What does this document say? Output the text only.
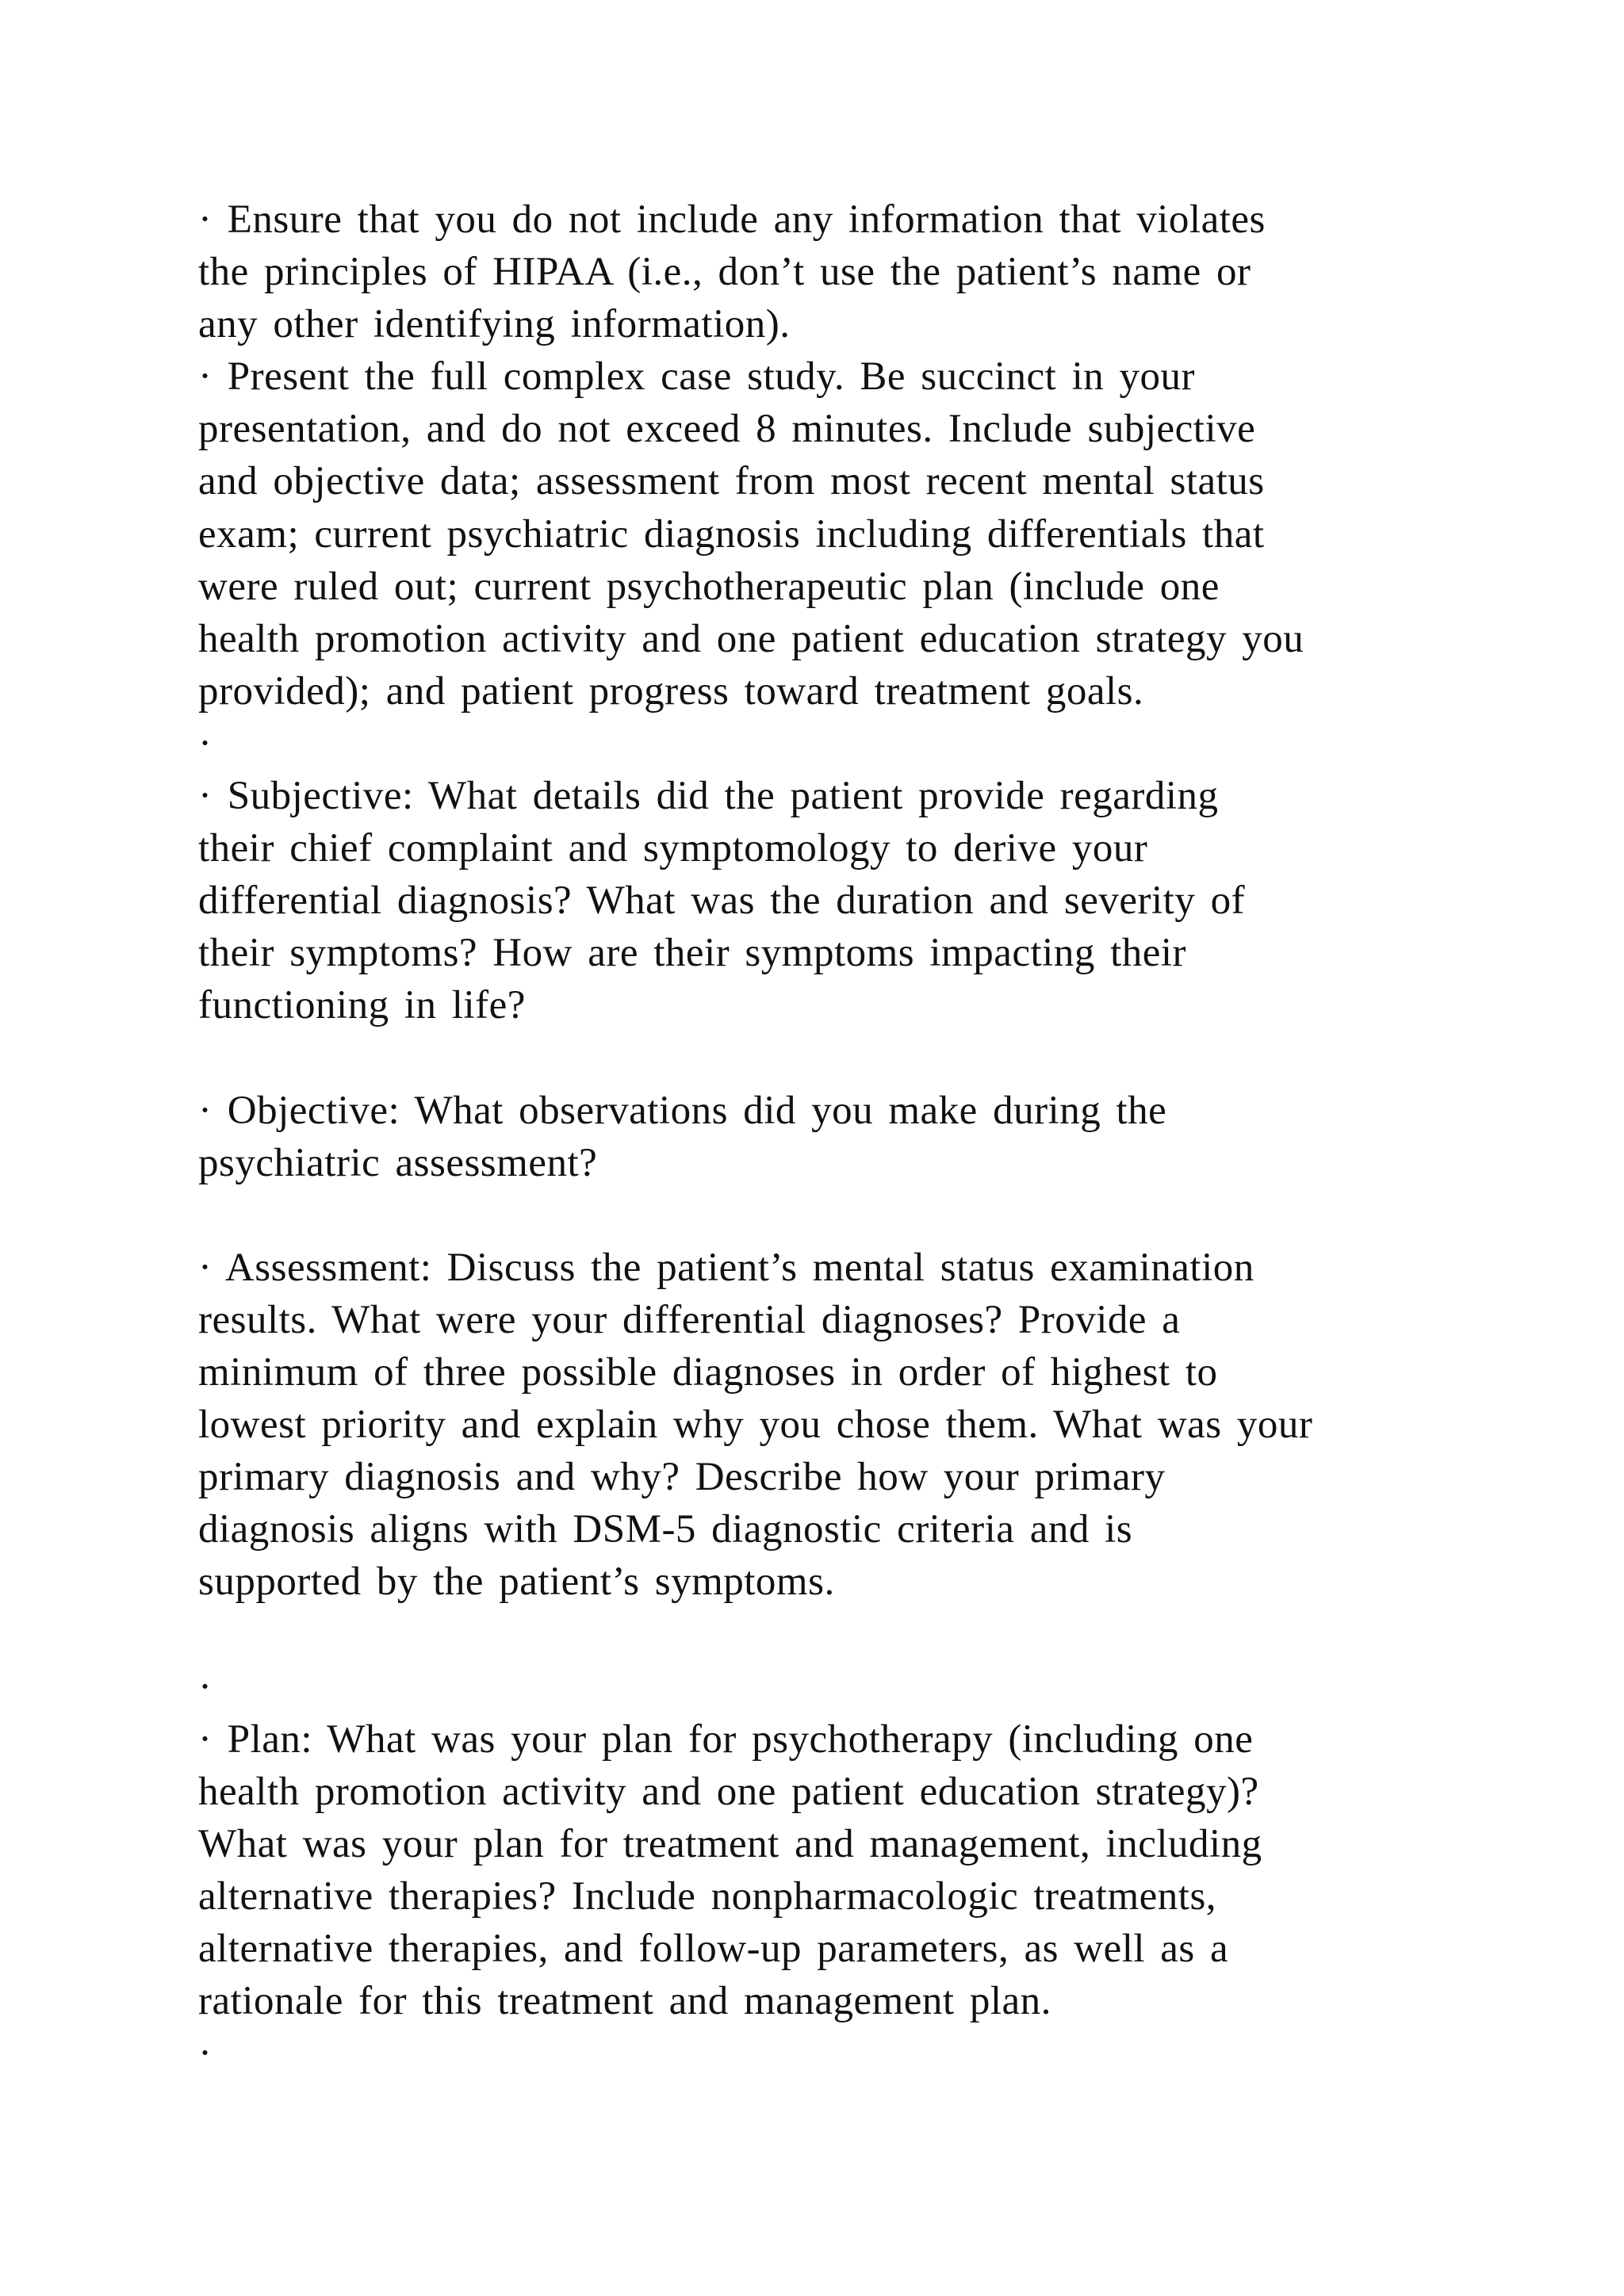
· Ensure that you do not include any information that violates
the principles of HIPAA (i.e., don’t use the patient’s name or
any other identifying information).
· Present the full complex case study. Be succinct in your
presentation, and do not exceed 8 minutes. Include subjective
and objective data; assessment from most recent mental status
exam; current psychiatric diagnosis including differentials that
were ruled out; current psychotherapeutic plan (include one
health promotion activity and one patient education strategy you
provided); and patient progress toward treatment goals.
·
· Subjective: What details did the patient provide regarding
their chief complaint and symptomology to derive your
differential diagnosis? What was the duration and severity of
their symptoms? How are their symptoms impacting their
functioning in life?
· Objective: What observations did you make during the
psychiatric assessment?
· Assessment: Discuss the patient’s mental status examination
results. What were your differential diagnoses? Provide a
minimum of three possible diagnoses in order of highest to
lowest priority and explain why you chose them. What was your
primary diagnosis and why? Describe how your primary
diagnosis aligns with DSM-5 diagnostic criteria and is
supported by the patient’s symptoms.
·
· Plan: What was your plan for psychotherapy (including one
health promotion activity and one patient education strategy)?
What was your plan for treatment and management, including
alternative therapies? Include nonpharmacologic treatments,
alternative therapies, and follow-up parameters, as well as a
rationale for this treatment and management plan.
·
